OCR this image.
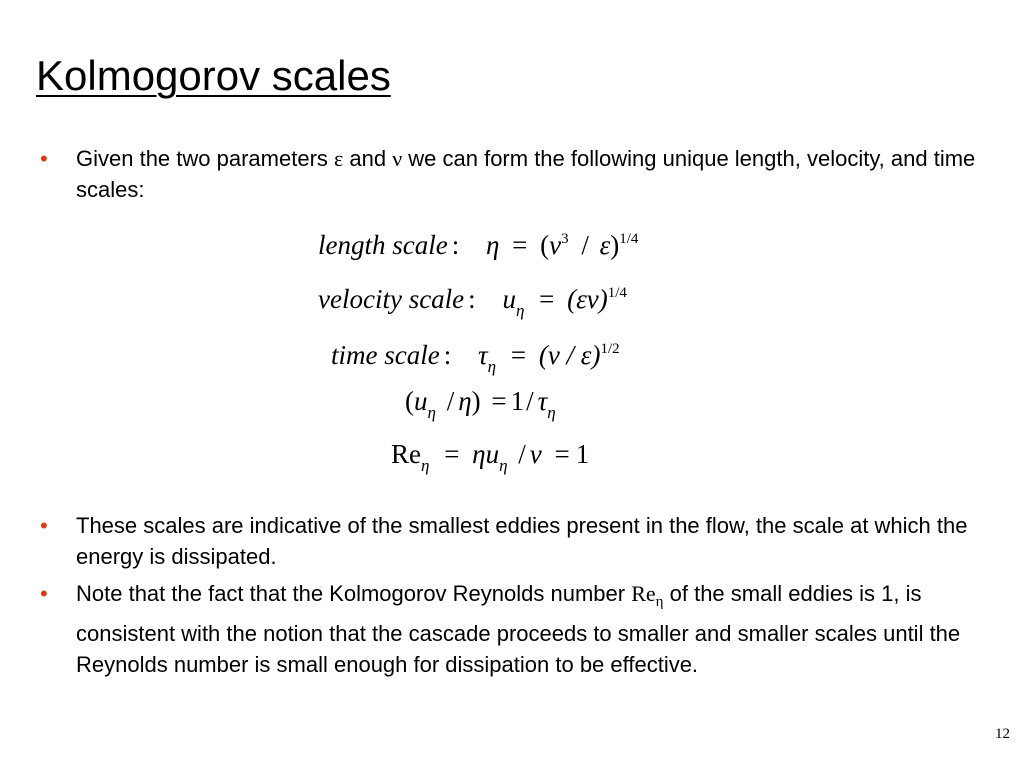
Kolmogorov scales
• Given the two parameters ε and ν we can form the following unique length, velocity, and time scales:
length scale : $\eta = (\nu^3 / \varepsilon)^{1/4}$
velocity scale : $u_\eta = (\varepsilon\nu)^{1/4}$
time scale : $\tau_\eta = (\nu / \varepsilon)^{1/2}$
$(u_\eta / \eta) = 1/$ $\tau_\eta$
$Re_\eta = \eta u_\eta / \nu = 1$
• These scales are indicative of the smallest eddies present in the flow, the scale at which the energy is dissipated.
• Note that the fact that the Kolmogorov Reynolds number $Re_\eta$ of the small eddies is 1, is consistent with the notion that the cascade proceeds to smaller and smaller scales until the Reynolds number is small enough for dissipation to be effective.
12
